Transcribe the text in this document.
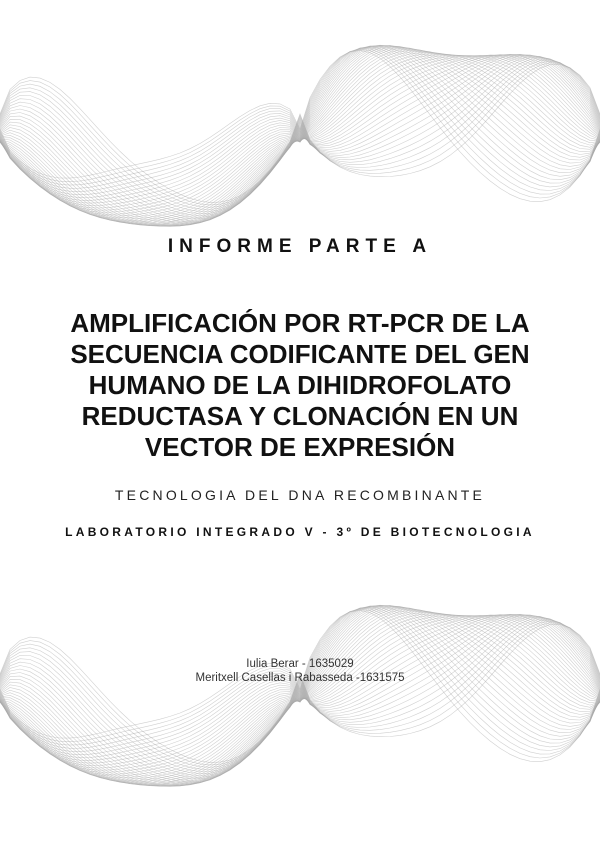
INFORME PARTE A
AMPLIFICACIÓN POR RT-PCR DE LA
SECUENCIA CODIFICANTE DEL GEN
HUMANO DE LA DIHIDROFOLATO
REDUCTASA Y CLONACIÓN EN UN
VECTOR DE EXPRESIÓN
TECNOLOGIA DEL DNA RECOMBINANTE
LABORATORIO INTEGRADO V - 3º DE BIOTECNOLOGIA
Iulia Berar - 1635029
Meritxell Casellas i Rabasseda -1631575
